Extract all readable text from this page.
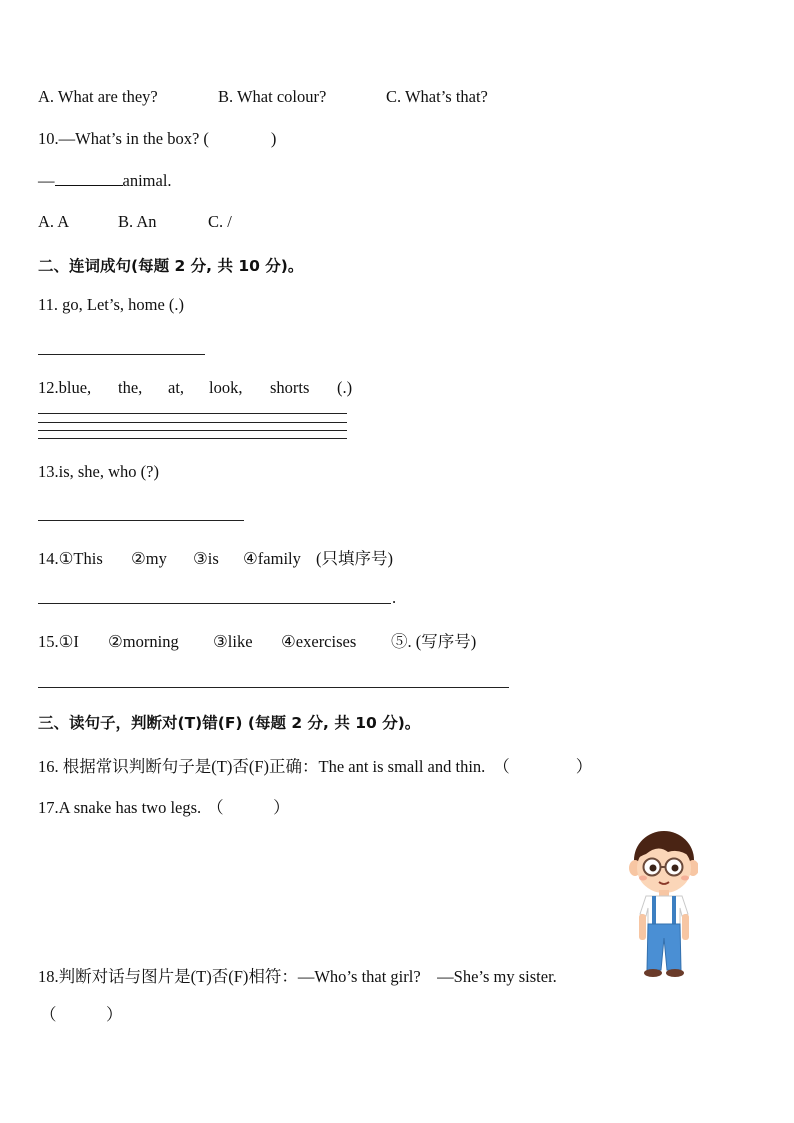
A. What are they?	B. What colour?	C. What’s that?
10.—What’s in the box? (	)
—	animal.
A. A	B. An	C. /
二、连词成句(每题 2 分, 共 10 分)。
11. go, Let’s, home (.)
12.blue, the, at, look, shorts (.)
13.is, she, who (?)
14.①This ②my ③is ④family (只填序号)
.
15.①I ②morning ③like ④exercises ⑤. (写序号)
三、读句子，判断对(T)错(F) (每题 2 分, 共 10 分)。
16. 根据常识判断句子是(T)否(F)正确：The ant is small and thin. （　　　　）
17.A snake has two legs. （　　　）
18.判断对话与图片是(T)否(F)相符：—Who’s that girl?　—She’s my sister.
（　　　）
